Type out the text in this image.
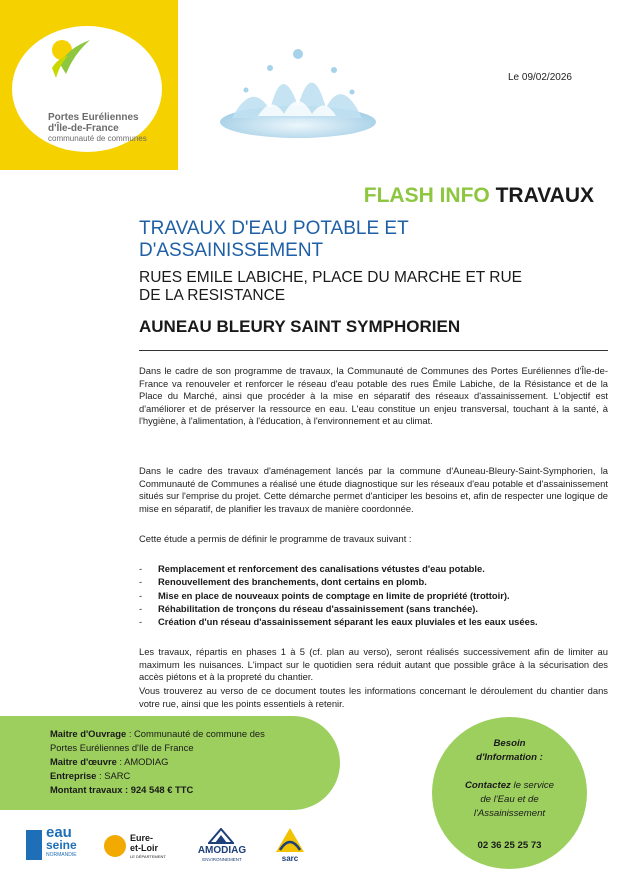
Portes Euréliennes
d'Île-de-France
communauté de communes
Le 09/02/2026
FLASH INFO TRAVAUX
TRAVAUX D'EAU POTABLE ET
D'ASSAINISSEMENT
RUES EMILE LABICHE, PLACE DU MARCHE ET RUE
DE LA RESISTANCE
AUNEAU BLEURY SAINT SYMPHORIEN
Dans le cadre de son programme de travaux, la Communauté de Communes des Portes Euréliennes d'Île-de-France va renouveler et renforcer le réseau d'eau potable des rues Émile Labiche, de la Résistance et de la Place du Marché, ainsi que procéder à la mise en séparatif des réseaux d'assainissement. L'objectif est d'améliorer et de préserver la ressource en eau. L'eau constitue un enjeu transversal, touchant à la santé, à l'hygiène, à l'alimentation, à l'éducation, à l'environnement et au climat.
Dans le cadre des travaux d'aménagement lancés par la commune d'Auneau-Bleury-Saint-Symphorien, la Communauté de Communes a réalisé une étude diagnostique sur les réseaux d'eau potable et d'assainissement situés sur l'emprise du projet. Cette démarche permet d'anticiper les besoins et, afin de respecter une logique de mise en séparatif, de planifier les travaux de manière coordonnée.
Cette étude a permis de définir le programme de travaux suivant :
- Remplacement et renforcement des canalisations vétustes d'eau potable.
- Renouvellement des branchements, dont certains en plomb.
- Mise en place de nouveaux points de comptage en limite de propriété (trottoir).
- Réhabilitation de tronçons du réseau d'assainissement (sans tranchée).
- Création d'un réseau d'assainissement séparant les eaux pluviales et les eaux usées.
Les travaux, répartis en phases 1 à 5 (cf. plan au verso), seront réalisés successivement afin de limiter au maximum les nuisances. L'impact sur le quotidien sera réduit autant que possible grâce à la sécurisation des accès piétons et à la propreté du chantier.
Vous trouverez au verso de ce document toutes les informations concernant le déroulement du chantier dans votre rue, ainsi que les points essentiels à retenir.
Maitre d'Ouvrage : Communauté de commune des
Portes Euréliennes d'Ile de France
Maitre d'œuvre : AMODIAG
Entreprise : SARC
Montant travaux : 924 548 € TTC
Besoin
d'Information :
Contactez le service
de l'Eau et de
l'Assainissement
02 36 25 25 73
eau
seine
NORMANDIE
Eure-
et-Loir
LE DÉPARTEMENT
AMODIAG
ENVIRONNEMENT	sarc
